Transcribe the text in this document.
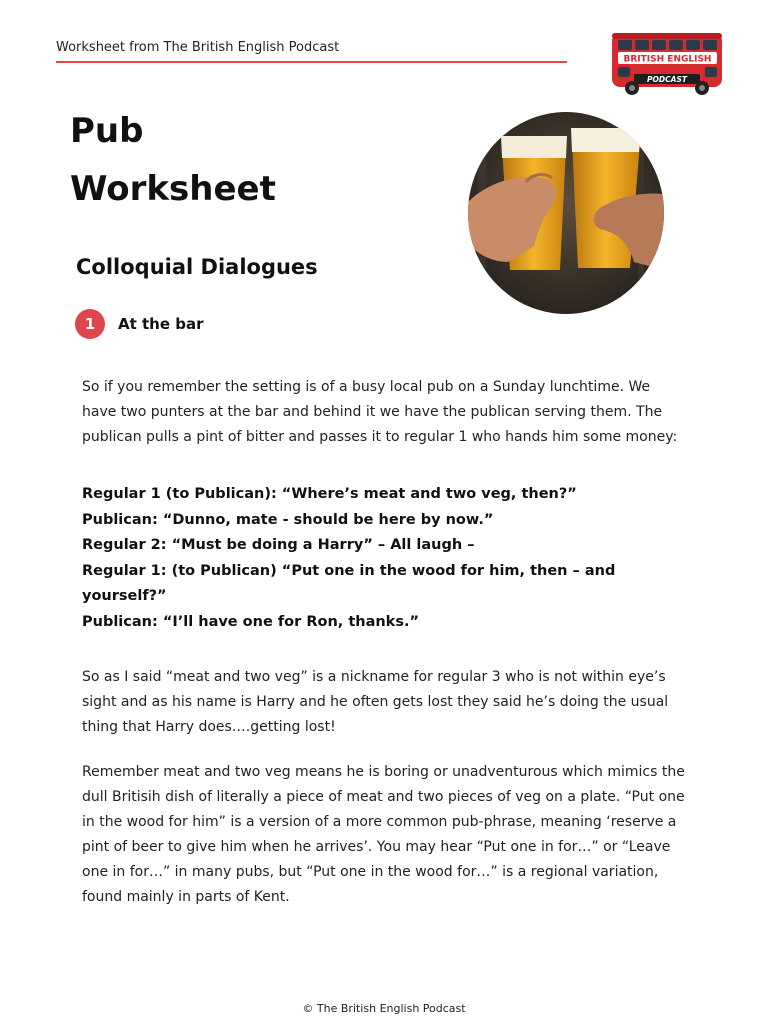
Worksheet from The British English Podcast
BRITISH ENGLISH
PODCAST
Pub
Worksheet
Colloquial Dialogues
1	At the bar

So if you remember the setting is of a busy local pub on a Sunday lunchtime. We have two punters at the bar and behind it we have the publican serving them. The publican pulls a pint of bitter and passes it to regular 1 who hands him some money:

Regular 1 (to Publican): “Where’s meat and two veg, then?”
Publican: “Dunno, mate - should be here by now.”
Regular 2: “Must be doing a Harry” – All laugh –
Regular 1: (to Publican) “Put one in the wood for him, then – and yourself?”
Publican: “I’ll have one for Ron, thanks.”

So as I said “meat and two veg” is a nickname for regular 3 who is not within eye’s sight and as his name is Harry and he often gets lost they said he’s doing the usual thing that Harry does….getting lost!

Remember meat and two veg means he is boring or unadventurous which mimics the dull Britisih dish of literally a piece of meat and two pieces of veg on a plate. “Put one in the wood for him” is a version of a more common pub-phrase, meaning ‘reserve a pint of beer to give him when he arrives’. You may hear “Put one in for…” or “Leave one in for…” in many pubs, but “Put one in the wood for…” is a regional variation, found mainly in parts of Kent.

© The British English Podcast
